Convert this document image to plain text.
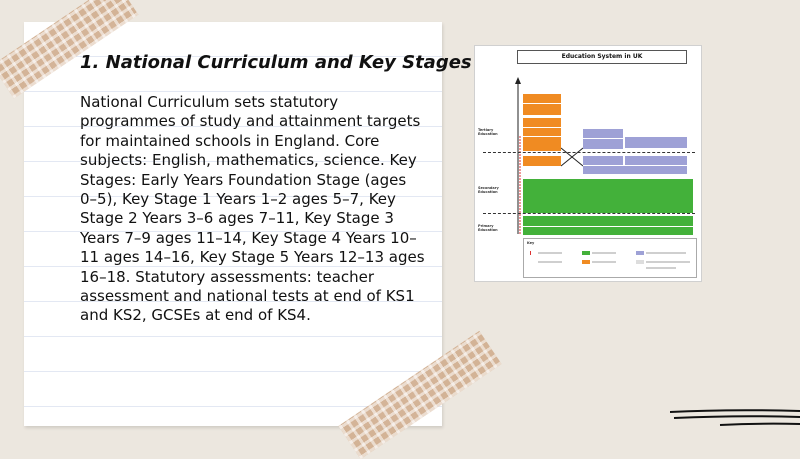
1. National Curriculum and Key Stages

National Curriculum sets statutory programmes of study and attainment targets for maintained schools in England. Core subjects: English, mathematics, science. Key Stages: Early Years Foundation Stage (ages 0–5), Key Stage 1 Years 1–2 ages 5–7, Key Stage 2 Years 3–6 ages 7–11, Key Stage 3 Years 7–9 ages 11–14, Key Stage 4 Years 10–11 ages 14–16, Key Stage 5 Years 12–13 ages 16–18. Statutory assessments: teacher assessment and national tests at end of KS1 and KS2, GCSEs at end of KS4.

Education System in UK
Tertiary Education
Secondary Education
Primary Education
Key
